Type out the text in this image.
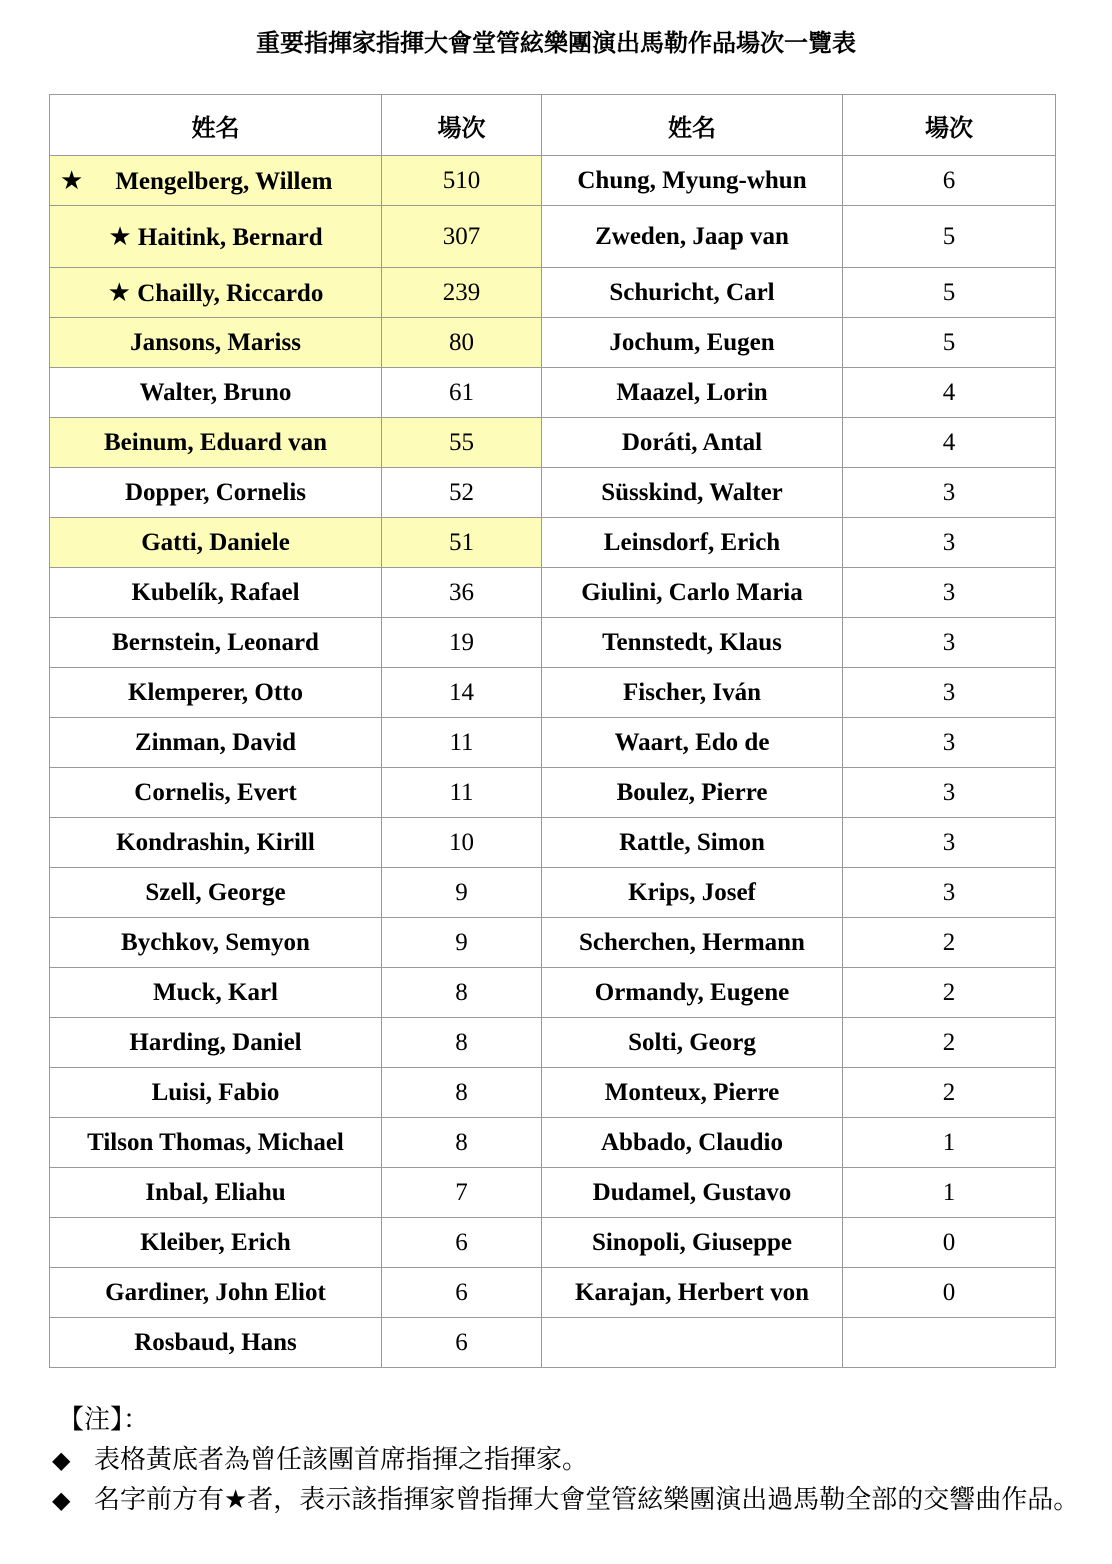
重要指揮家指揮大會堂管絃樂團演出馬勒作品場次一覽表
姓名	場次	姓名	場次
★ Mengelberg, Willem	510	Chung, Myung-whun	6
★ Haitink, Bernard	307	Zweden, Jaap van	5
★ Chailly, Riccardo	239	Schuricht, Carl	5
Jansons, Mariss	80	Jochum, Eugen	5
Walter, Bruno	61	Maazel, Lorin	4
Beinum, Eduard van	55	Doráti, Antal	4
Dopper, Cornelis	52	Süsskind, Walter	3
Gatti, Daniele	51	Leinsdorf, Erich	3
Kubelík, Rafael	36	Giulini, Carlo Maria	3
Bernstein, Leonard	19	Tennstedt, Klaus	3
Klemperer, Otto	14	Fischer, Iván	3
Zinman, David	11	Waart, Edo de	3
Cornelis, Evert	11	Boulez, Pierre	3
Kondrashin, Kirill	10	Rattle, Simon	3
Szell, George	9	Krips, Josef	3
Bychkov, Semyon	9	Scherchen, Hermann	2
Muck, Karl	8	Ormandy, Eugene	2
Harding, Daniel	8	Solti, Georg	2
Luisi, Fabio	8	Monteux, Pierre	2
Tilson Thomas, Michael	8	Abbado, Claudio	1
Inbal, Eliahu	7	Dudamel, Gustavo	1
Kleiber, Erich	6	Sinopoli, Giuseppe	0
Gardiner, John Eliot	6	Karajan, Herbert von	0
Rosbaud, Hans	6		
【注】：
◆ 表格黃底者為曾任該團首席指揮之指揮家。
◆ 名字前方有★者，表示該指揮家曾指揮大會堂管絃樂團演出過馬勒全部的交響曲作品。
